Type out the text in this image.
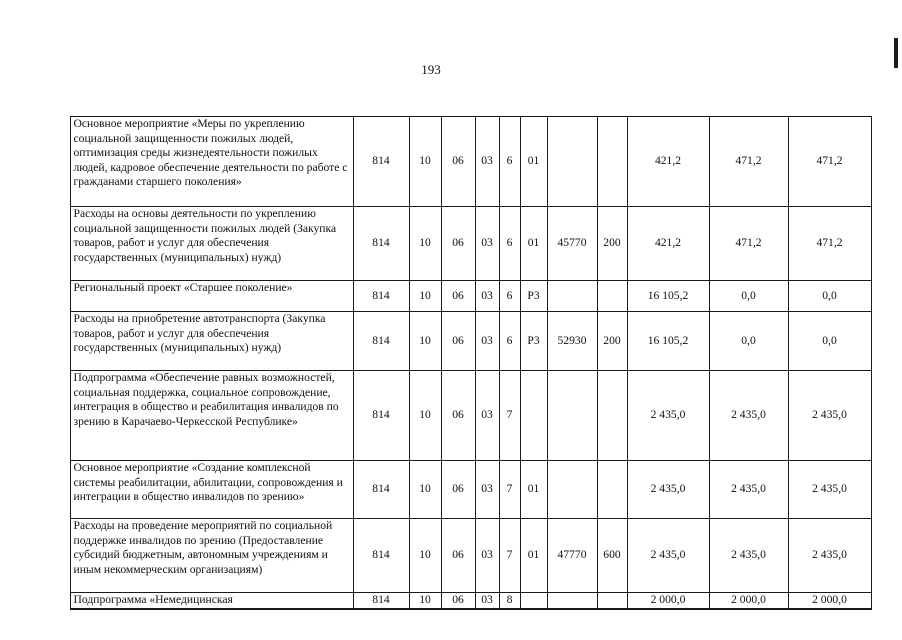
193
	Основное мероприятие «Меры по укреплению социальной защищенности пожилых людей, оптимизация среды жизнедеятельности пожилых людей, кадровое обеспечение деятельности по работе с гражданами старшего поколения»	814	10	06	03	6	01			421,2	471,2	471,2
	Расходы на основы деятельности по укреплению социальной защищенности пожилых людей (Закупка товаров, работ и услуг для обеспечения государственных (муниципальных) нужд)	814	10	06	03	6	01	45770	200	421,2	471,2	471,2
	Региональный проект «Старшее поколение»	814	10	06	03	6	Р3			16 105,2	0,0	0,0
	Расходы на приобретение автотранспорта (Закупка товаров, работ и услуг для обеспечения государственных (муниципальных) нужд)	814	10	06	03	6	Р3	52930	200	16 105,2	0,0	0,0
	Подпрограмма «Обеспечение равных возможностей, социальная поддержка, социальное сопровождение, интеграция в общество и реабилитация инвалидов по зрению в Карачаево-Черкесской Республике»	814	10	06	03	7				2 435,0	2 435,0	2 435,0
	Основное мероприятие «Создание комплексной системы реабилитации, абилитации, сопровождения и интеграции в общество инвалидов по зрению»	814	10	06	03	7	01			2 435,0	2 435,0	2 435,0
	Расходы на проведение мероприятий по социальной поддержке инвалидов по зрению (Предоставление субсидий бюджетным, автономным учреждениям и иным некоммерческим организациям)	814	10	06	03	7	01	47770	600	2 435,0	2 435,0	2 435,0
	Подпрограмма «Немедицинская	814	10	06	03	8				2 000,0	2 000,0	2 000,0
